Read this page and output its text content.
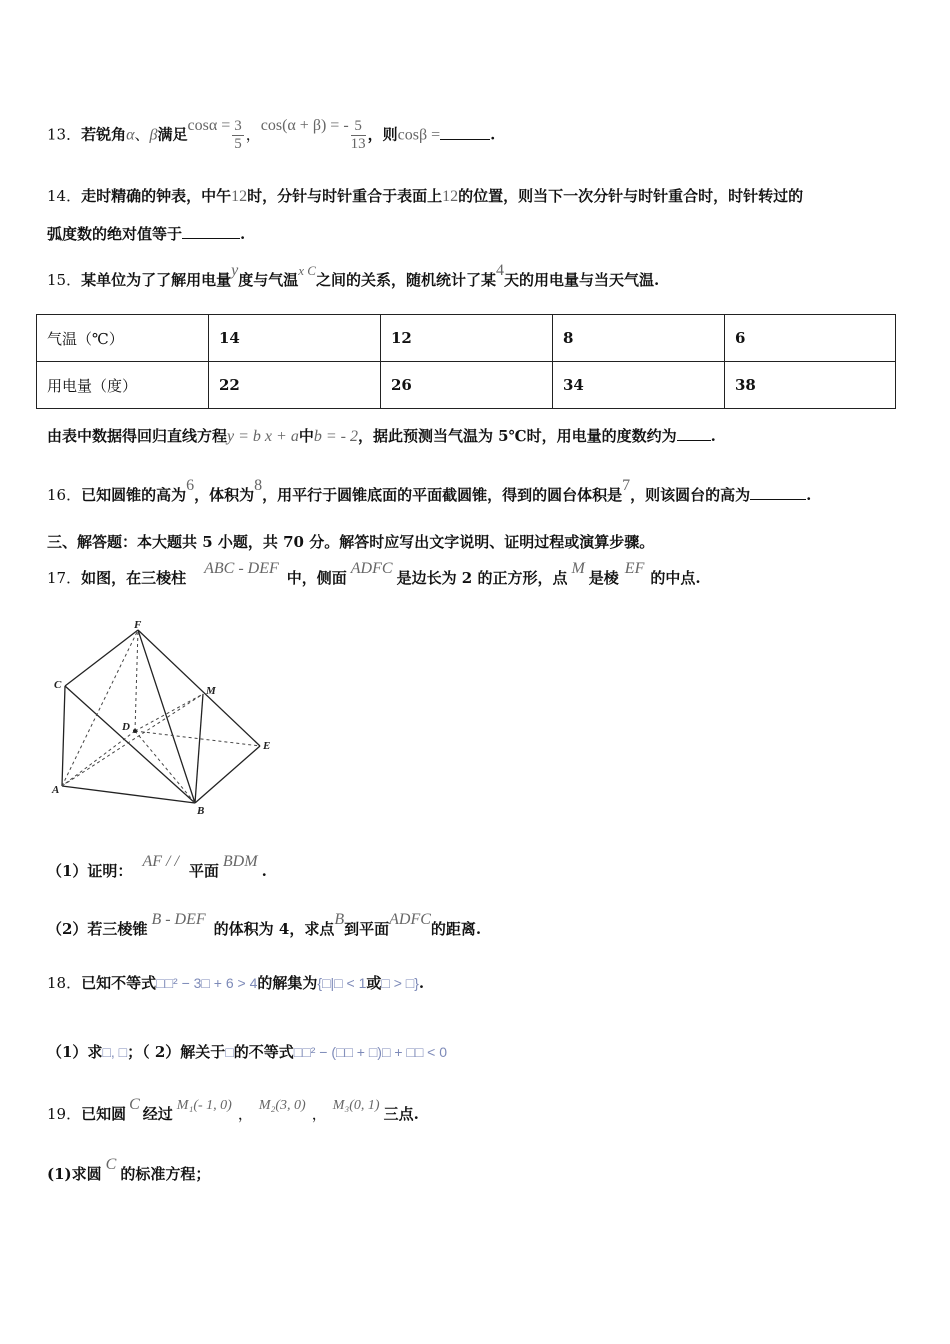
13．若锐角α、β满足$\cos\alpha = \frac{3}{5}$ ，cos(α + β) = - $\frac{5}{13}$ ，则cosβ =	.
14．走时精确的钟表，中午12时，分针与时针重合于表面上12的位置，则当下一次分针与时针重合时，时针转过的
弧度数的绝对值等于	.
15．某单位为了了解用电量y度与气温x C之间的关系，随机统计了某4天的用电量与当天气温.
气温（℃）	14	12	8	6
用电量（度）	22	26	34	38
由表中数据得回归直线方程y = b x + a中b = - 2，据此预测当气温为 5℃时，用电量的度数约为 .
16．已知圆锥的高为6，体积为8，用平行于圆锥底面的平面截圆锥，得到的圆台体积是7，则该圆台的高为	.
三、解答题：本大题共 5 小题，共 70 分。解答时应写出文字说明、证明过程或演算步骤。
17．如图，在三棱柱ABC - DEF中，侧面ADFC是边长为 2 的正方形，点M是棱EF的中点.
F
C	M
D
E
A
B
（1）证明：AF / /平面BDM.
（2）若三棱锥B - DEF的体积为 4，求点B到平面ADFC的距离.
18．已知不等式□□² − 3□ + 6 > 4的解集为{□|□ < 1或□ > □}.
（1）求□, □；（ 2）解关于□的不等式□□² − (□□ + □)□ + □□ < 0
19．已知圆C经过 M₁(- 1, 0) ， M₂(3, 0) ， M₃(0, 1) 三点.
(1)求圆C的标准方程；
